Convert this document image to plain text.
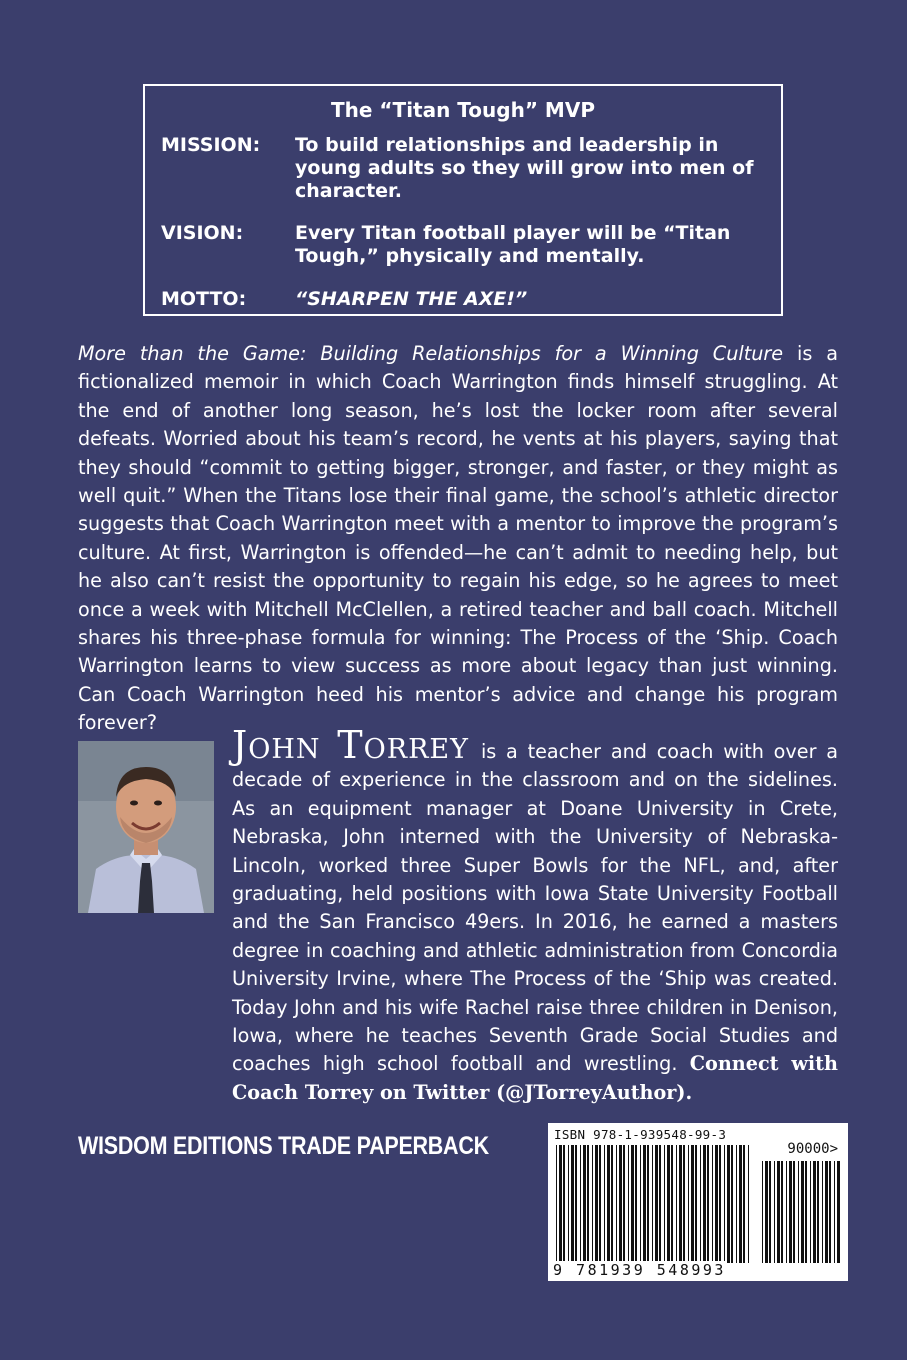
The “Titan Tough” MVP
MISSION:	To build relationships and leadership in young adults so they will grow into men of character.
VISION:	Every Titan football player will be “Titan Tough,” physically and mentally.
MOTTO:	“SHARPEN THE AXE!”

More than the Game: Building Relationships for a Winning Culture is a fictionalized memoir in which Coach Warrington finds himself struggling. At the end of another long season, he’s lost the locker room after several defeats. Worried about his team’s record, he vents at his players, saying that they should “commit to getting bigger, stronger, and faster, or they might as well quit.” When the Titans lose their final game, the school’s athletic director suggests that Coach Warrington meet with a mentor to improve the program’s culture. At first, Warrington is offended—he can’t admit to needing help, but he also can’t resist the opportunity to regain his edge, so he agrees to meet once a week with Mitchell McClellen, a retired teacher and ball coach. Mitchell shares his three-phase formula for winning: The Process of the ‘Ship. Coach Warrington learns to view success as more about legacy than just winning. Can Coach Warrington heed his mentor’s advice and change his program forever?

John Torrey is a teacher and coach with over a decade of experience in the classroom and on the sidelines. As an equipment manager at Doane University in Crete, Nebraska, John interned with the University of Nebraska-Lincoln, worked three Super Bowls for the NFL, and, after graduating, held positions with Iowa State University Football and the San Francisco 49ers. In 2016, he earned a masters degree in coaching and athletic administration from Concordia University Irvine, where The Process of the ‘Ship was created. Today John and his wife Rachel raise three children in Denison, Iowa, where he teaches Seventh Grade Social Studies and coaches high school football and wrestling. Connect with Coach Torrey on Twitter (@JTorreyAuthor).

WISDOM EDITIONS TRADE PAPERBACK	ISBN 978-1-939548-99-3
90000>
9 781939 548993
